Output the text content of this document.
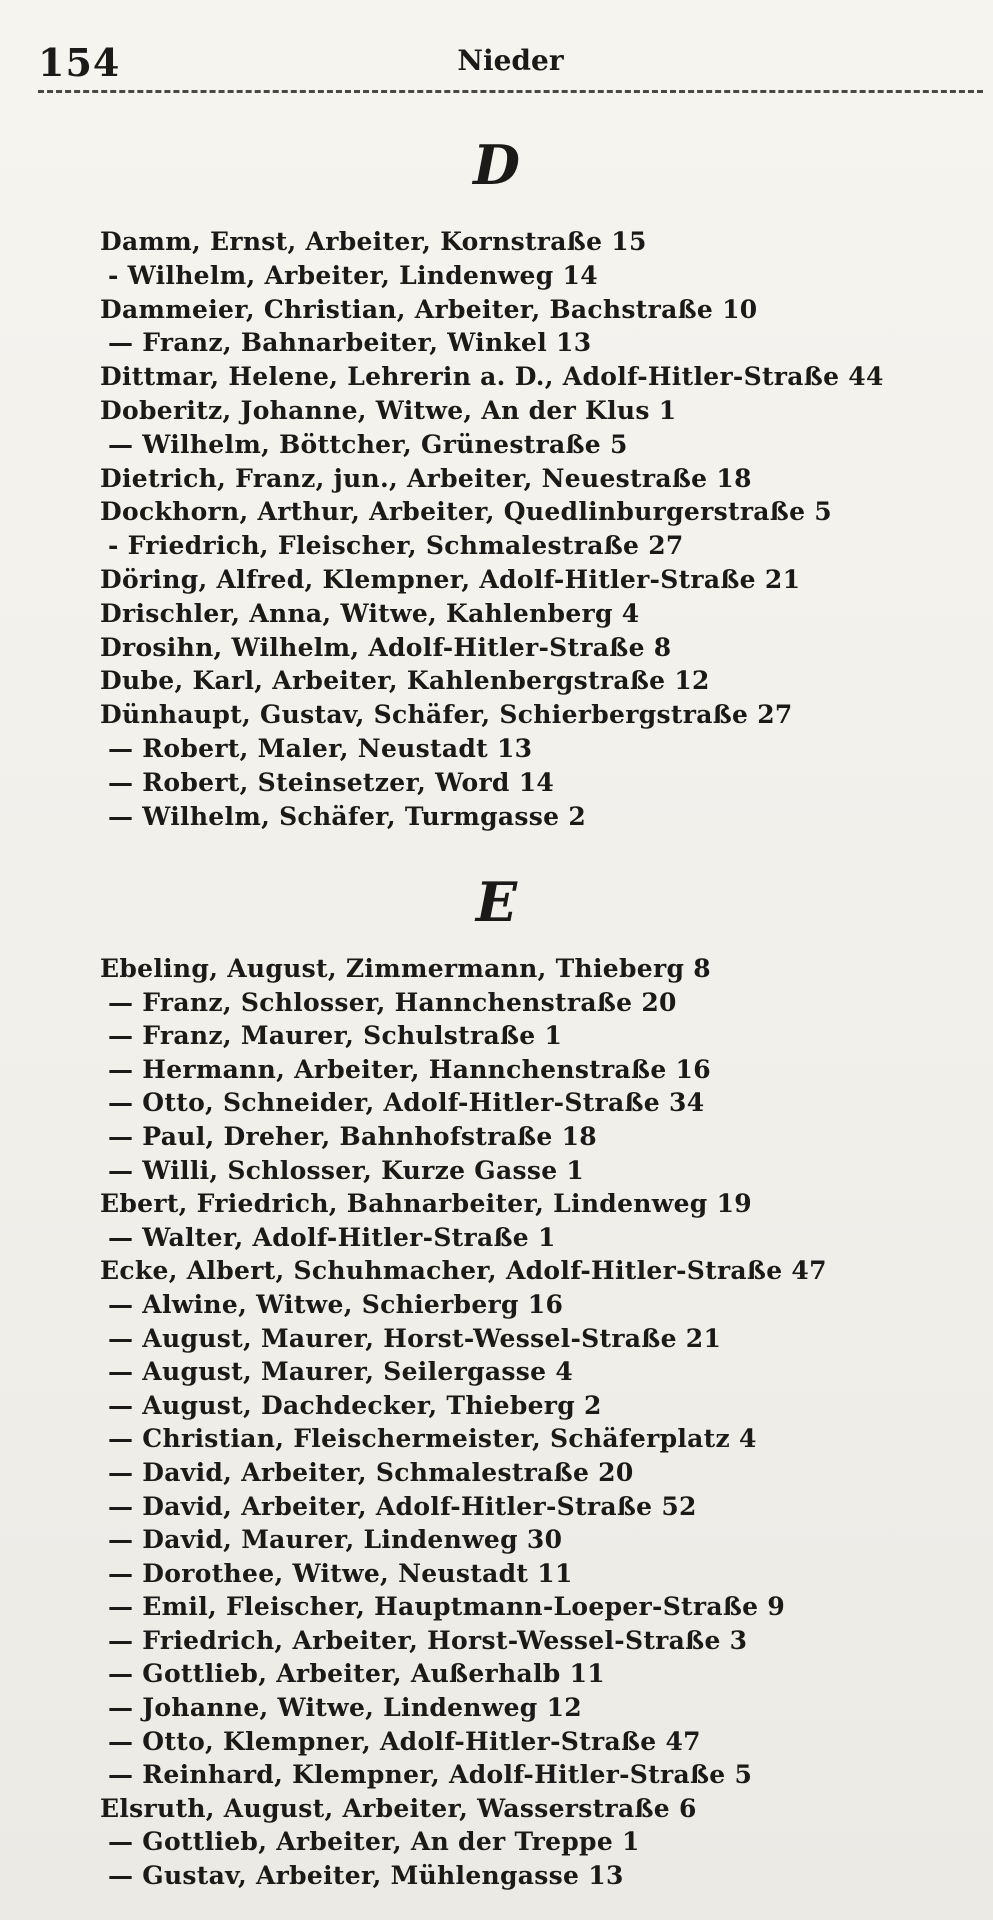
154	Nieder
D
Damm, Ernst, Arbeiter, Kornstraße 15
- Wilhelm, Arbeiter, Lindenweg 14
Dammeier, Christian, Arbeiter, Bachstraße 10
— Franz, Bahnarbeiter, Winkel 13
Dittmar, Helene, Lehrerin a. D., Adolf-Hitler-Straße 44
Doberitz, Johanne, Witwe, An der Klus 1
— Wilhelm, Böttcher, Grünestraße 5
Dietrich, Franz, jun., Arbeiter, Neuestraße 18
Dockhorn, Arthur, Arbeiter, Quedlinburgerstraße 5
- Friedrich, Fleischer, Schmalestraße 27
Döring, Alfred, Klempner, Adolf-Hitler-Straße 21
Drischler, Anna, Witwe, Kahlenberg 4
Drosihn, Wilhelm, Adolf-Hitler-Straße 8
Dube, Karl, Arbeiter, Kahlenbergstraße 12
Dünhaupt, Gustav, Schäfer, Schierbergstraße 27
— Robert, Maler, Neustadt 13
— Robert, Steinsetzer, Word 14
— Wilhelm, Schäfer, Turmgasse 2
E
Ebeling, August, Zimmermann, Thieberg 8
— Franz, Schlosser, Hannchenstraße 20
— Franz, Maurer, Schulstraße 1
— Hermann, Arbeiter, Hannchenstraße 16
— Otto, Schneider, Adolf-Hitler-Straße 34
— Paul, Dreher, Bahnhofstraße 18
— Willi, Schlosser, Kurze Gasse 1
Ebert, Friedrich, Bahnarbeiter, Lindenweg 19
— Walter, Adolf-Hitler-Straße 1
Ecke, Albert, Schuhmacher, Adolf-Hitler-Straße 47
— Alwine, Witwe, Schierberg 16
— August, Maurer, Horst-Wessel-Straße 21
— August, Maurer, Seilergasse 4
— August, Dachdecker, Thieberg 2
— Christian, Fleischermeister, Schäferplatz 4
— David, Arbeiter, Schmalestraße 20
— David, Arbeiter, Adolf-Hitler-Straße 52
— David, Maurer, Lindenweg 30
— Dorothee, Witwe, Neustadt 11
— Emil, Fleischer, Hauptmann-Loeper-Straße 9
— Friedrich, Arbeiter, Horst-Wessel-Straße 3
— Gottlieb, Arbeiter, Außerhalb 11
— Johanne, Witwe, Lindenweg 12
— Otto, Klempner, Adolf-Hitler-Straße 47
— Reinhard, Klempner, Adolf-Hitler-Straße 5
Elsruth, August, Arbeiter, Wasserstraße 6
— Gottlieb, Arbeiter, An der Treppe 1
— Gustav, Arbeiter, Mühlengasse 13
